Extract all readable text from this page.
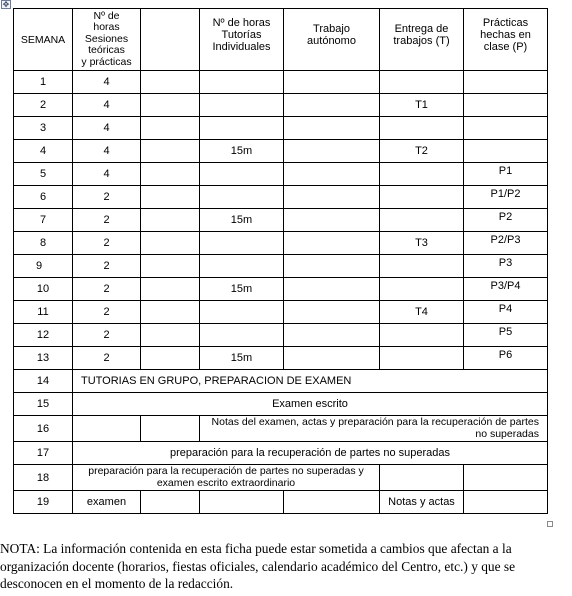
✥
SEMANA	Nº de
horas
Sesiones
teóricas
y prácticas		Nº de horas
Tutorías
Individuales	Trabajo
autónomo	Entrega de
trabajos (T)	Prácticas
hechas en
clase (P)
1	4					
2	4				T1	
3	4					
4	4		15m		T2	
5	4					P1
6	2					P1/P2
7	2		15m			P2
8	2				T3	P2/P3
9	2					P3
10	2		15m			P3/P4
11	2				T4	P4
12	2					P5
13	2		15m			P6
14	TUTORIAS EN GRUPO, PREPARACION DE EXAMEN					
15	Examen escrito					
16			Notas del examen, actas y preparación para la recuperación de partes no superadas			
17	preparación para la recuperación de partes no superadas					
18	preparación para la recuperación de partes no superadas y examen escrito extraordinario					
19	examen				Notas y actas	
NOTA: La información contenida en esta ficha puede estar sometida a cambios que afectan a la organización docente (horarios, fiestas oficiales, calendario académico del Centro, etc.) y que se desconocen en el momento de la redacción.
